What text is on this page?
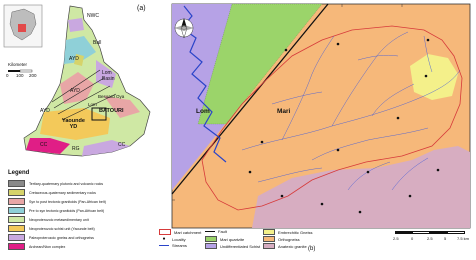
(a)
NWC
Ball
AYD
AYD
AYD
Lom
Basin
Besoard Oya
Lom
BATOURI
Yaounde
YD
CC	CC
RG
Kilometer
0 100 200
Legend
Tertiary-quaternary plutonic and volcanic rocks
Cretaceous-quaternary sedimentary rocks
Syn to post tectonic granitoids (Pan-African belt)
Pre to syn tectonic granitoids (Pan-African belt)
Neoproterozoic metasedimentary unit
Neoproterozoic schist unit (Yaounde belt)
Paleoproterozoic gneiss and orthogneiss
Archean/Nton complex
Lom	Mari
Mari catchment
●	Locality
Streams
Fault
Mari quartzite
Undifferentiated Schist
Embrechitic Gneiss
Orthogneiss
Anatexic granite
2.5	0	2.5	5	7.5 km
(b)
